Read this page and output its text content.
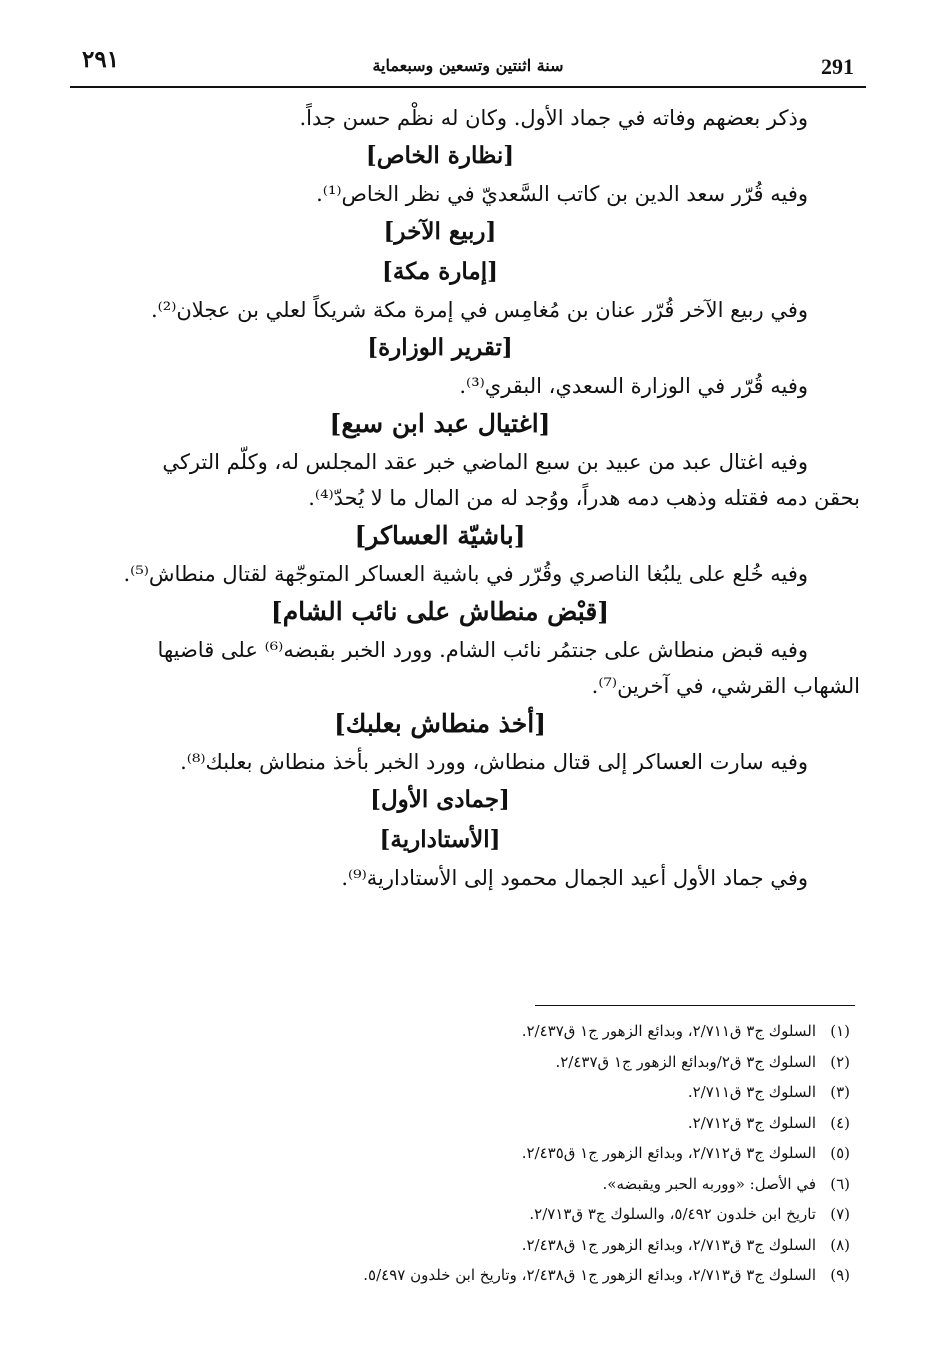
٢٩١	سنة اثنتين وتسعين وسبعماية	291
وذكر بعضهم وفاته في جماد الأول. وكان له نظْم حسن جداً.
[نظارة الخاص]
وفيه قُرّر سعد الدين بن كاتب السَّعديّ في نظر الخاص⁽¹⁾.
[ربيع الآخر]
[إمارة مكة]
وفي ربيع الآخر قُرّر عنان بن مُغامِس في إمرة مكة شريكاً لعلي بن عجلان⁽²⁾.
[تقرير الوزارة]
وفيه قُرّر في الوزارة السعدي، البقري⁽³⁾.
[اغتيال عبد ابن سبع]
وفيه اغتال عبد من عبيد بن سبع الماضي خبر عقد المجلس له، وكلّم التركي
بحقن دمه فقتله وذهب دمه هدراً، ووُجد له من المال ما لا يُحدّ⁽⁴⁾.
[باشيّة العساكر]
وفيه خُلع على يلبُغا الناصري وقُرّر في باشية العساكر المتوجّهة لقتال منطاش⁽⁵⁾.
[قبْض منطاش على نائب الشام]
وفيه قبض منطاش على جنتمُر نائب الشام. وورد الخبر بقبضه⁽⁶⁾ على قاضيها
الشهاب القرشي، في آخرين⁽⁷⁾.
[أخذ منطاش بعلبك]
وفيه سارت العساكر إلى قتال منطاش، وورد الخبر بأخذ منطاش بعلبك⁽⁸⁾.
[جمادى الأول]
[الأستادارية]
وفي جماد الأول أعيد الجمال محمود إلى الأستادارية⁽⁹⁾.
(١)السلوك ج٣ ق٢/٧١١، وبدائع الزهور ج١ ق٢/٤٣٧.
(٢)السلوك ج٣ ق٢/وبدائع الزهور ج١ ق٢/٤٣٧.
(٣)السلوك ج٣ ق٢/٧١١.
(٤)السلوك ج٣ ق٢/٧١٢.
(٥)السلوك ج٣ ق٢/٧١٢، وبدائع الزهور ج١ ق٢/٤٣٥.
(٦)في الأصل: «ووربه الحبر ويقبضه».
(٧)تاريخ ابن خلدون ٥/٤٩٢، والسلوك ج٣ ق٢/٧١٣.
(٨)السلوك ج٣ ق٢/٧١٣، وبدائع الزهور ج١ ق٢/٤٣٨.
(٩)السلوك ج٣ ق٢/٧١٣، وبدائع الزهور ج١ ق٢/٤٣٨، وتاريخ ابن خلدون ٥/٤٩٧.
